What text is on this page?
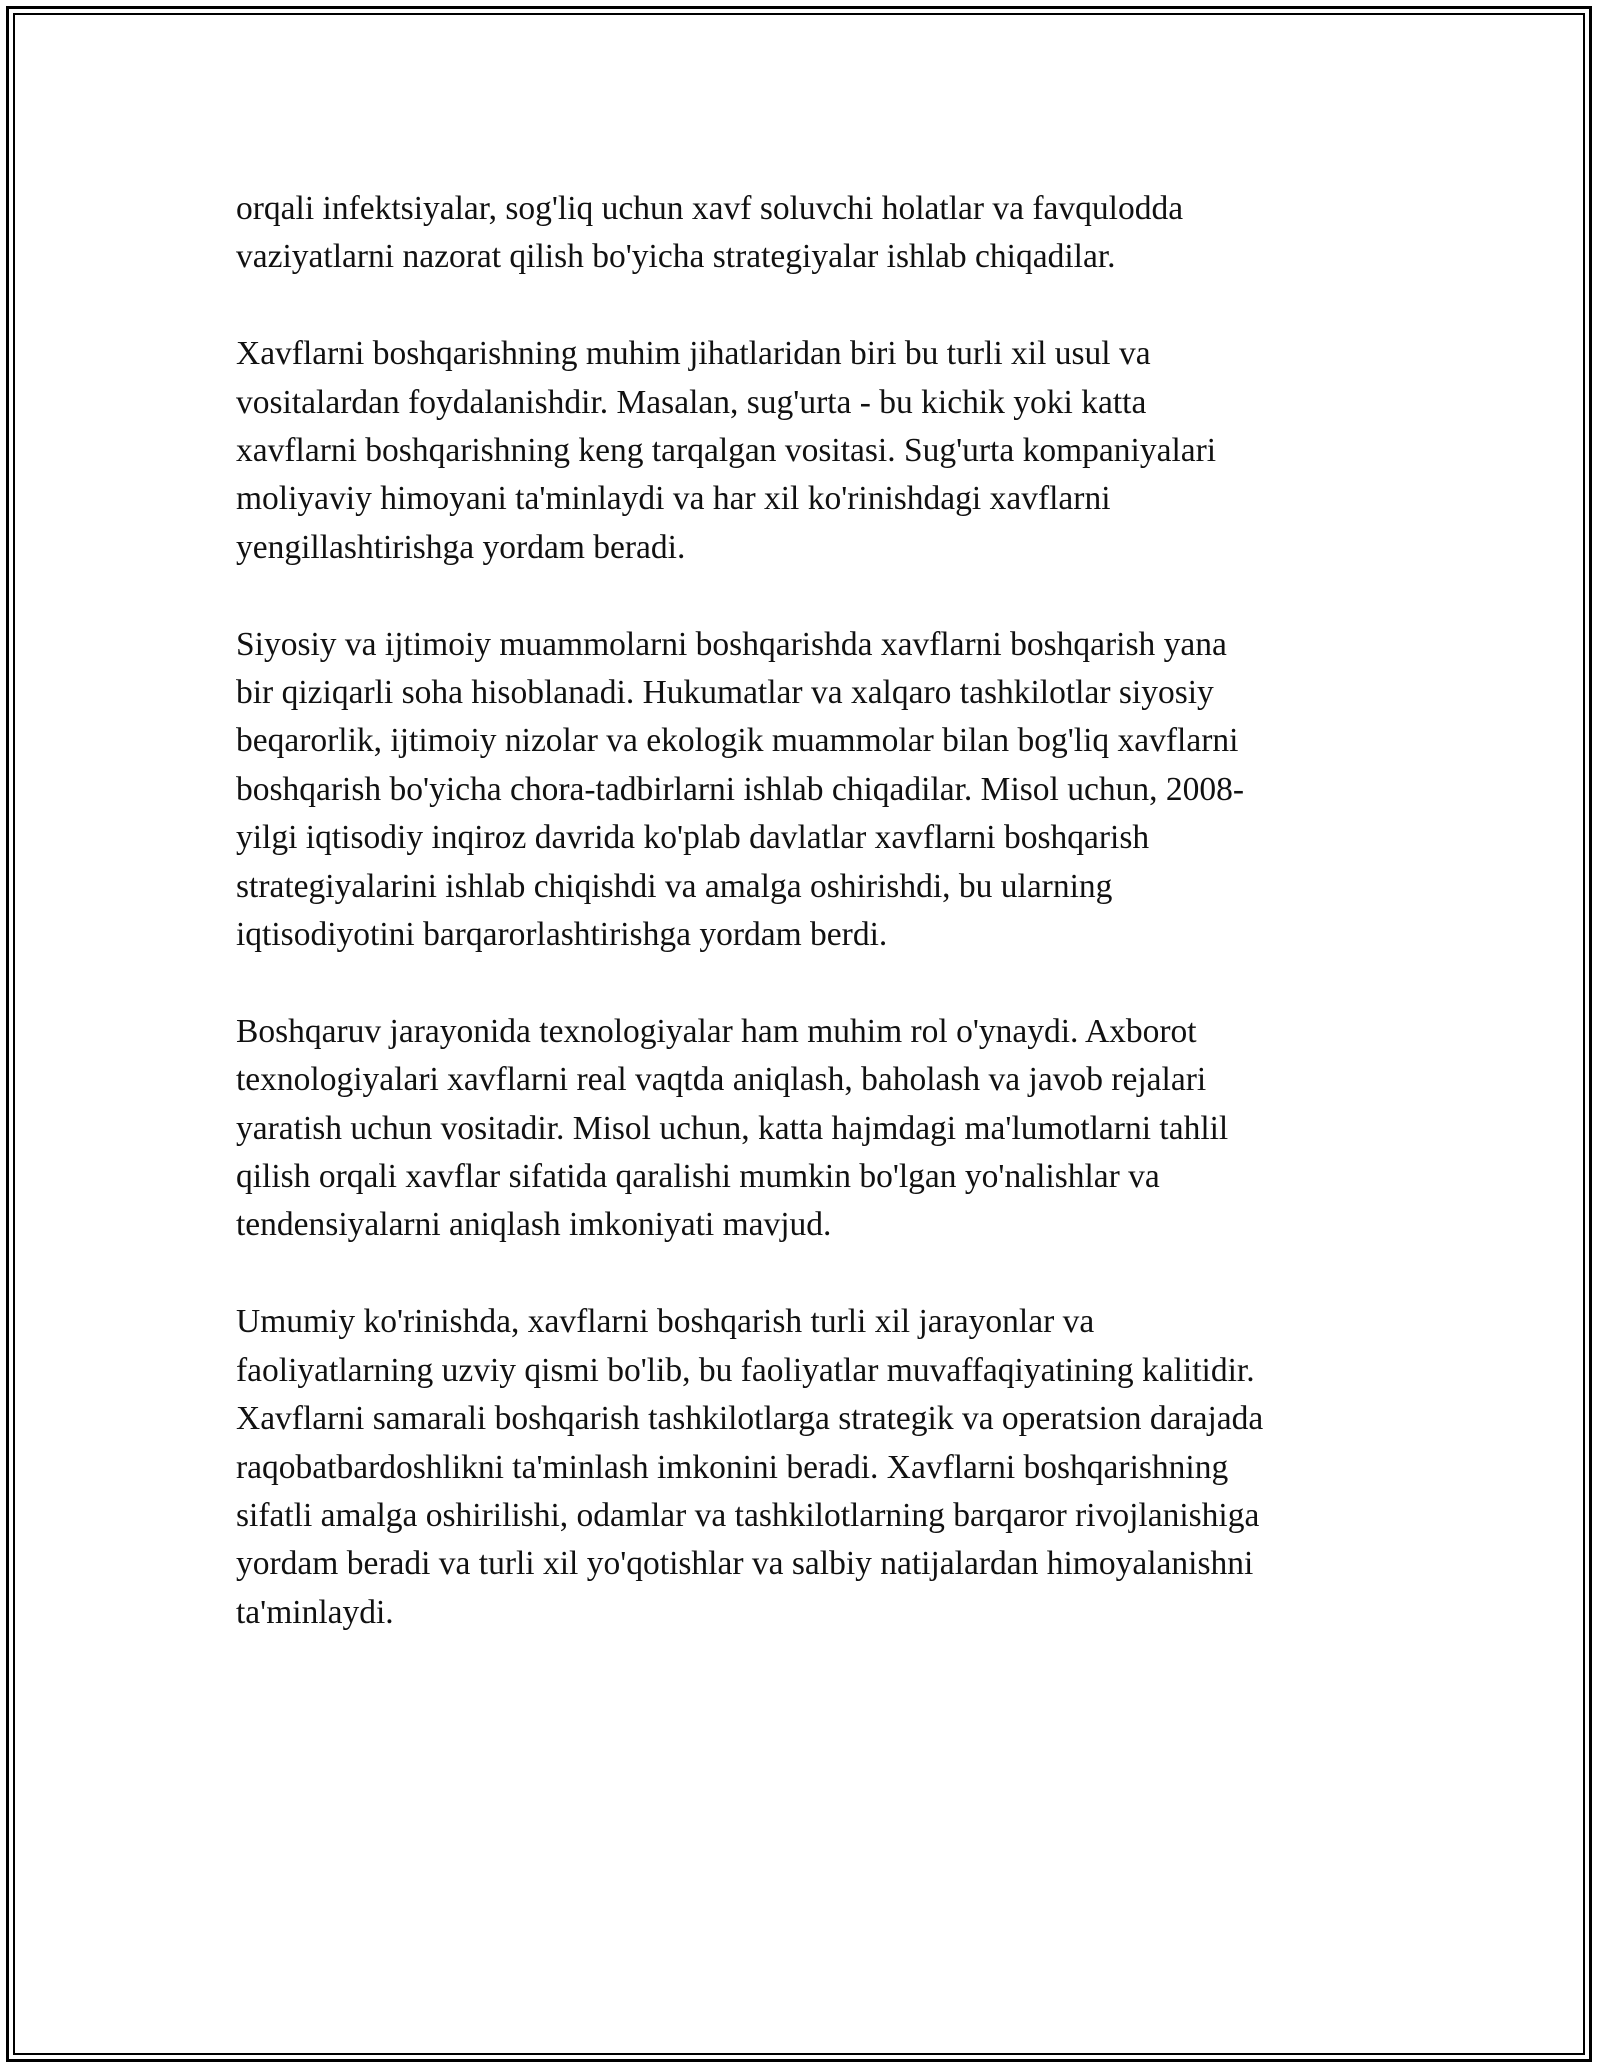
orqali infektsiyalar, sog'liq uchun xavf soluvchi holatlar va favqulodda
vaziyatlarni nazorat qilish bo'yicha strategiyalar ishlab chiqadilar.

Xavflarni boshqarishning muhim jihatlaridan biri bu turli xil usul va
vositalardan foydalanishdir. Masalan, sug'urta - bu kichik yoki katta
xavflarni boshqarishning keng tarqalgan vositasi. Sug'urta kompaniyalari
moliyaviy himoyani ta'minlaydi va har xil ko'rinishdagi xavflarni
yengillashtirishga yordam beradi.

Siyosiy va ijtimoiy muammolarni boshqarishda xavflarni boshqarish yana
bir qiziqarli soha hisoblanadi. Hukumatlar va xalqaro tashkilotlar siyosiy
beqarorlik, ijtimoiy nizolar va ekologik muammolar bilan bog'liq xavflarni
boshqarish bo'yicha chora-tadbirlarni ishlab chiqadilar. Misol uchun, 2008-
yilgi iqtisodiy inqiroz davrida ko'plab davlatlar xavflarni boshqarish
strategiyalarini ishlab chiqishdi va amalga oshirishdi, bu ularning
iqtisodiyotini barqarorlashtirishga yordam berdi.

Boshqaruv jarayonida texnologiyalar ham muhim rol o'ynaydi. Axborot
texnologiyalari xavflarni real vaqtda aniqlash, baholash va javob rejalari
yaratish uchun vositadir. Misol uchun, katta hajmdagi ma'lumotlarni tahlil
qilish orqali xavflar sifatida qaralishi mumkin bo'lgan yo'nalishlar va
tendensiyalarni aniqlash imkoniyati mavjud.

Umumiy ko'rinishda, xavflarni boshqarish turli xil jarayonlar va
faoliyatlarning uzviy qismi bo'lib, bu faoliyatlar muvaffaqiyatining kalitidir.
Xavflarni samarali boshqarish tashkilotlarga strategik va operatsion darajada
raqobatbardoshlikni ta'minlash imkonini beradi. Xavflarni boshqarishning
sifatli amalga oshirilishi, odamlar va tashkilotlarning barqaror rivojlanishiga
yordam beradi va turli xil yo'qotishlar va salbiy natijalardan himoyalanishni
ta'minlaydi.
